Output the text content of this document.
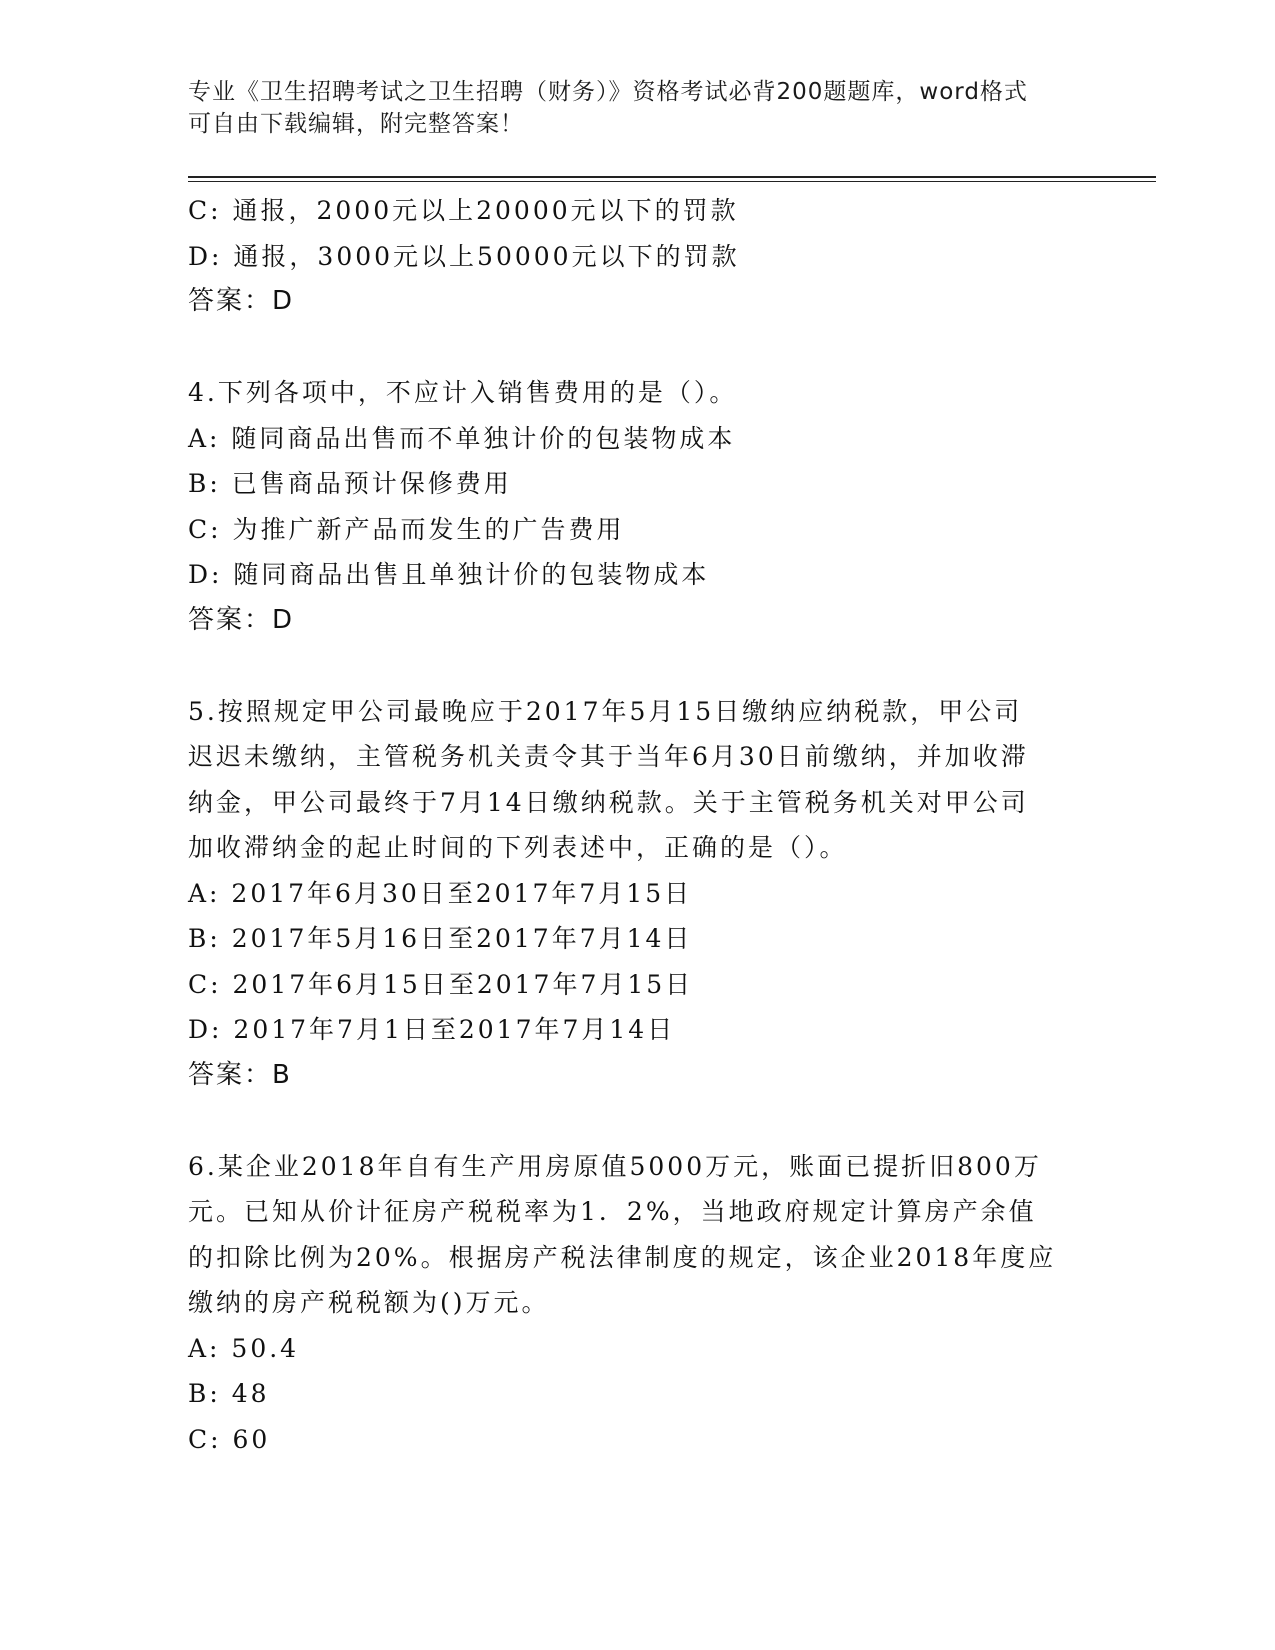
专业《卫生招聘考试之卫生招聘（财务）》资格考试必背200题题库，word格式
可自由下载编辑，附完整答案！
C: 通报，2000元以上20000元以下的罚款
D: 通报，3000元以上50000元以下的罚款
答案：D
4.下列各项中，不应计入销售费用的是（）。
A: 随同商品出售而不单独计价的包装物成本
B: 已售商品预计保修费用
C: 为推广新产品而发生的广告费用
D: 随同商品出售且单独计价的包装物成本
答案：D
5.按照规定甲公司最晚应于2017年5月15日缴纳应纳税款，甲公司
迟迟未缴纳，主管税务机关责令其于当年6月30日前缴纳，并加收滞
纳金，甲公司最终于7月14日缴纳税款。关于主管税务机关对甲公司
加收滞纳金的起止时间的下列表述中，正确的是（）。
A: 2017年6月30日至2017年7月15日
B: 2017年5月16日至2017年7月14日
C: 2017年6月15日至2017年7月15日
D: 2017年7月1日至2017年7月14日
答案：B
6.某企业2018年自有生产用房原值5000万元，账面已提折旧800万
元。已知从价计征房产税税率为1．2%，当地政府规定计算房产余值
的扣除比例为20%。根据房产税法律制度的规定，该企业2018年度应
缴纳的房产税税额为()万元。
A: 50.4
B: 48
C: 60
